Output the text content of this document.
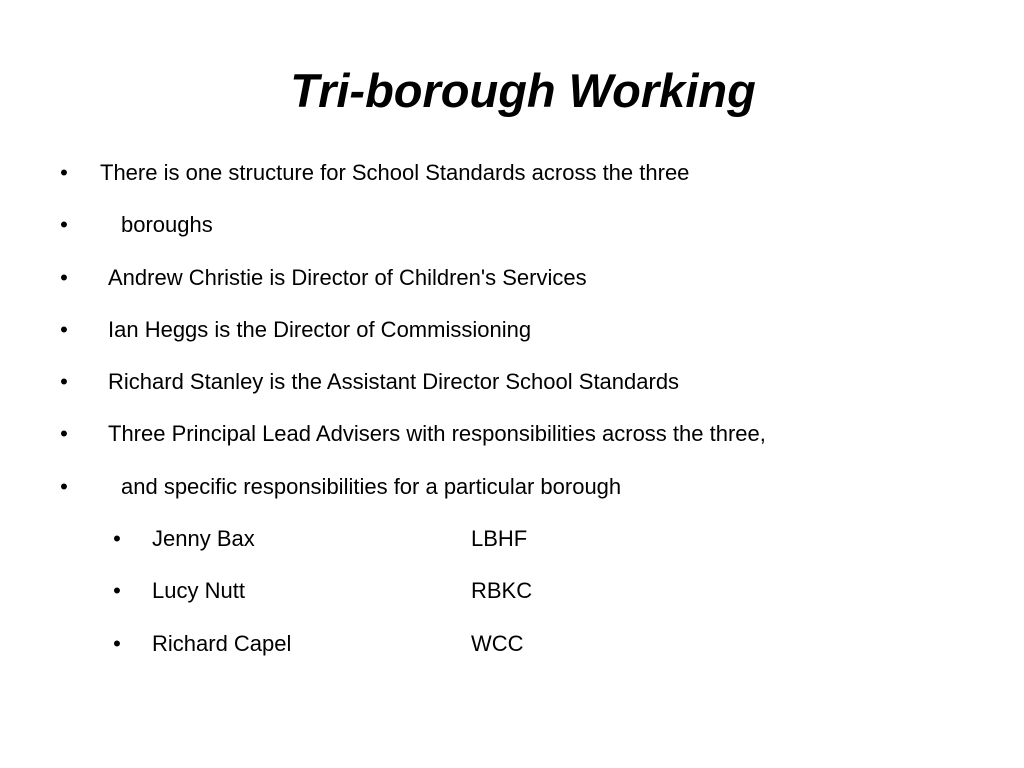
Tri-borough Working
• There is one structure for School Standards across the three
• boroughs
• Andrew Christie is Director of Children's Services
• Ian Heggs is the Director of Commissioning
• Richard Stanley is the Assistant Director School Standards
• Three Principal Lead Advisers with responsibilities across the three,
• and specific responsibilities for a particular borough
• Jenny Bax	LBHF
• Lucy Nutt	RBKC
• Richard Capel	WCC
